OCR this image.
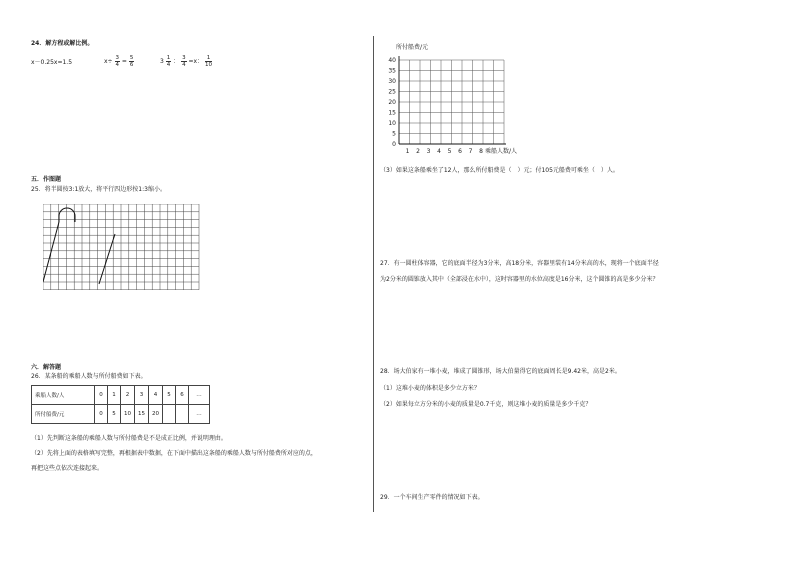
24．解方程或解比例。
x－0.25x=1.5	$x\div \frac{3}{4} = \frac{5}{6}$	$3 \frac{1}{4}$ ： $\frac{3}{4} =x$： $\frac{1}{10}$
五．作图题
25．将半圆按3:1放大，将平行四边形按1:3缩小。
六．解答题
26．某条船的乘船人数与所付船费如下表。
乘船人数/人	0	1	2	3	4	5	6	…
所付船费/元	0	5	10	15	20			…
（1）先判断这条船的乘船人数与所付船费是不是成正比例，并说明理由。
（2）先将上面的表格填写完整，再根据表中数据，在下面中描出这条船的乘船人数与所付船费所对应的点，
再把这些点依次连接起来。
所付船费/元
5
10
15
20
25
30
35
40
1 2 3 4 5 6 7 8
0
乘船人数/人
（3）如果这条船乘坐了12人，那么所付船费是（　）元；付105元船费可乘坐（　）人。
27．有一圆柱体容器，它的底面半径为3分米，高18分米，容器里装有14分米高的水，现将一个底面半径
为2分米的圆锥放入其中（全部浸在水中），这时容器里的水位高度是16分米，这个圆锥的高是多少分米？
28．场大伯家有一堆小麦，堆成了圆锥形，场大伯量得它的底面周长是9.42米，高是2米。
（1）这堆小麦的体积是多少立方米？
（2）如果每立方分米的小麦的质量是0.7千克，则这堆小麦的质量是多少千克？
29．一个车间生产零件的情况如下表。
